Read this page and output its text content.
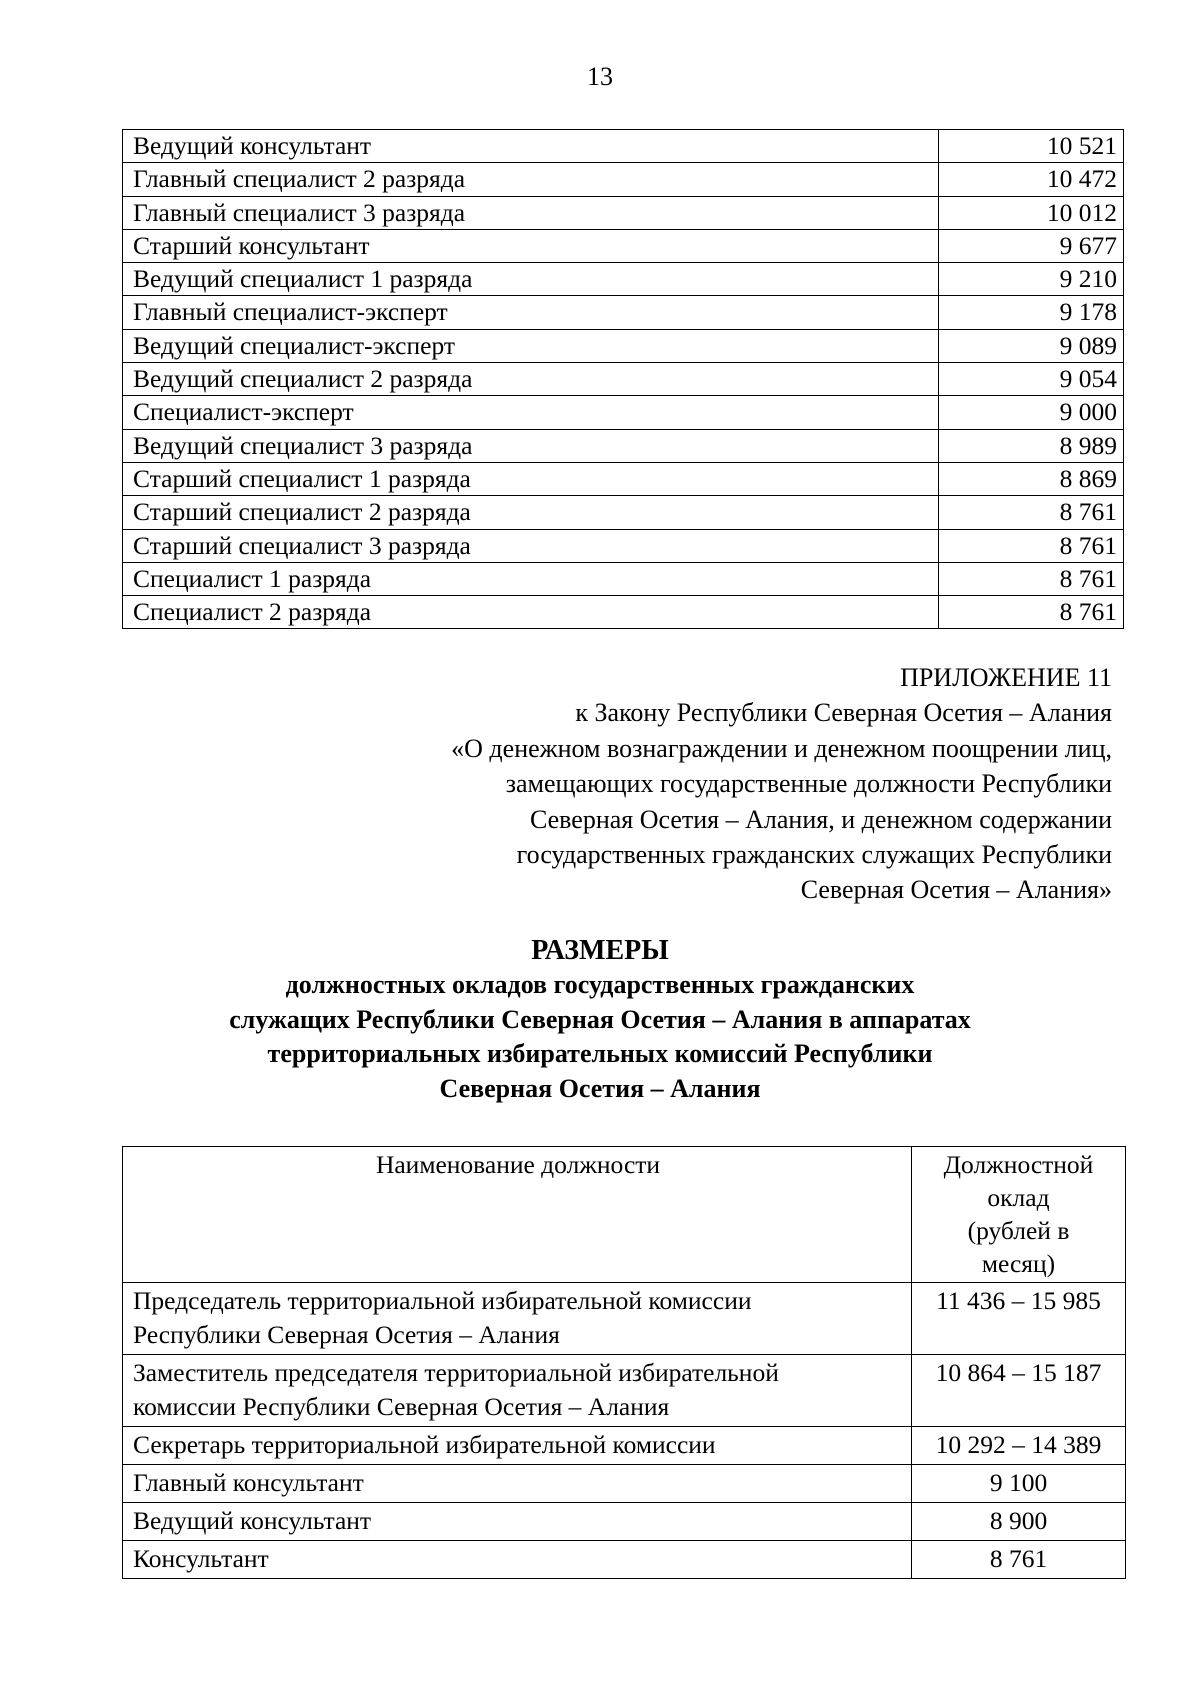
13
Ведущий консультант	10 521
Главный специалист 2 разряда	10 472
Главный специалист 3 разряда	10 012
Старший консультант	9 677
Ведущий специалист 1 разряда	9 210
Главный специалист-эксперт	9 178
Ведущий специалист-эксперт	9 089
Ведущий специалист 2 разряда	9 054
Специалист-эксперт	9 000
Ведущий специалист 3 разряда	8 989
Старший специалист 1 разряда	8 869
Старший специалист 2 разряда	8 761
Старший специалист 3 разряда	8 761
Специалист 1 разряда	8 761
Специалист 2 разряда	8 761
ПРИЛОЖЕНИЕ 11
к Закону Республики Северная Осетия – Алания
«О денежном вознаграждении и денежном поощрении лиц,
замещающих государственные должности Республики
Северная Осетия – Алания, и денежном содержании
государственных гражданских служащих Республики
Северная Осетия – Алания»
РАЗМЕРЫ
должностных окладов государственных гражданских
служащих Республики Северная Осетия – Алания в аппаратах
территориальных избирательных комиссий Республики
Северная Осетия – Алания
Наименование должности	Должностной
оклад
(рублей в
месяц)

Председатель территориальной избирательной комиссии
Республики Северная Осетия – Алания	11 436 – 15 985

Заместитель председателя территориальной избирательной
комиссии Республики Северная Осетия – Алания	10 864 – 15 187
Секретарь территориальной избирательной комиссии	10 292 – 14 389
Главный консультант	9 100
Ведущий консультант	8 900
Консультант	8 761
